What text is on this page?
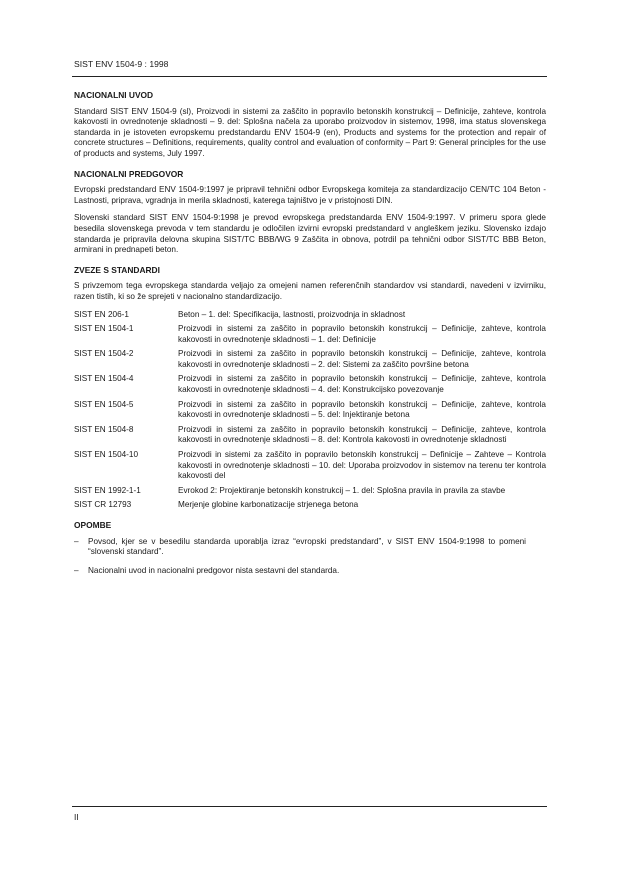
SIST ENV 1504-9 : 1998
NACIONALNI UVOD

Standard SIST ENV 1504-9 (sl), Proizvodi in sistemi za zaščito in popravilo betonskih konstrukcij – Definicije, zahteve, kontrola kakovosti in ovrednotenje skladnosti – 9. del: Splošna načela za uporabo proizvodov in sistemov, 1998, ima status slovenskega standarda in je istoveten evropskemu predstandardu ENV 1504-9 (en), Products and systems for the protection and repair of concrete structures – Definitions, requirements, quality control and evaluation of conformity – Part 9: General principles for the use of products and systems, July 1997.

NACIONALNI PREDGOVOR

Evropski predstandard ENV 1504-9:1997 je pripravil tehnični odbor Evropskega komiteja za standardizacijo CEN/TC 104 Beton - Lastnosti, priprava, vgradnja in merila skladnosti, katerega tajništvo je v pristojnosti DIN.

Slovenski standard SIST ENV 1504-9:1998 je prevod evropskega predstandarda ENV 1504-9:1997. V primeru spora glede besedila slovenskega prevoda v tem standardu je odločilen izvirni evropski predstandard v angleškem jeziku. Slovensko izdajo standarda je pripravila delovna skupina SIST/TC BBB/WG 9 Zaščita in obnova, potrdil pa tehnični odbor SIST/TC BBB Beton, armirani in prednapeti beton.

ZVEZE S STANDARDI

S privzemom tega evropskega standarda veljajo za omejeni namen referenčnih standardov vsi standardi, navedeni v izvirniku, razen tistih, ki so že sprejeti v nacionalno standardizacijo.

SIST EN 206-1	Beton – 1. del: Specifikacija, lastnosti, proizvodnja in skladnost
SIST EN 1504-1	Proizvodi in sistemi za zaščito in popravilo betonskih konstrukcij – Definicije, zahteve, kontrola kakovosti in ovrednotenje skladnosti – 1. del: Definicije
SIST EN 1504-2	Proizvodi in sistemi za zaščito in popravilo betonskih konstrukcij – Definicije, zahteve, kontrola kakovosti in ovrednotenje skladnosti – 2. del: Sistemi za zaščito površine betona
SIST EN 1504-4	Proizvodi in sistemi za zaščito in popravilo betonskih konstrukcij – Definicije, zahteve, kontrola kakovosti in ovrednotenje skladnosti – 4. del: Konstrukcijsko povezovanje
SIST EN 1504-5	Proizvodi in sistemi za zaščito in popravilo betonskih konstrukcij – Definicije, zahteve, kontrola kakovosti in ovrednotenje skladnosti – 5. del: Injektiranje betona
SIST EN 1504-8	Proizvodi in sistemi za zaščito in popravilo betonskih konstrukcij – Definicije, zahteve, kontrola kakovosti in ovrednotenje skladnosti – 8. del: Kontrola kakovosti in ovrednotenje skladnosti
SIST EN 1504-10	Proizvodi in sistemi za zaščito in popravilo betonskih konstrukcij – Definicije – Zahteve – Kontrola kakovosti in ovrednotenje skladnosti – 10. del: Uporaba proizvodov in sistemov na terenu ter kontrola kakovosti del
SIST EN 1992-1-1	Evrokod 2: Projektiranje betonskih konstrukcij – 1. del: Splošna pravila in pravila za stavbe
SIST CR 12793	Merjenje globine karbonatizacije strjenega betona
OPOMBE
–	Povsod, kjer se v besedilu standarda uporablja izraz “evropski predstandard”, v SIST ENV 1504-9:1998 to pomeni “slovenski standard”.
–	Nacionalni uvod in nacionalni predgovor nista sestavni del standarda.
II
